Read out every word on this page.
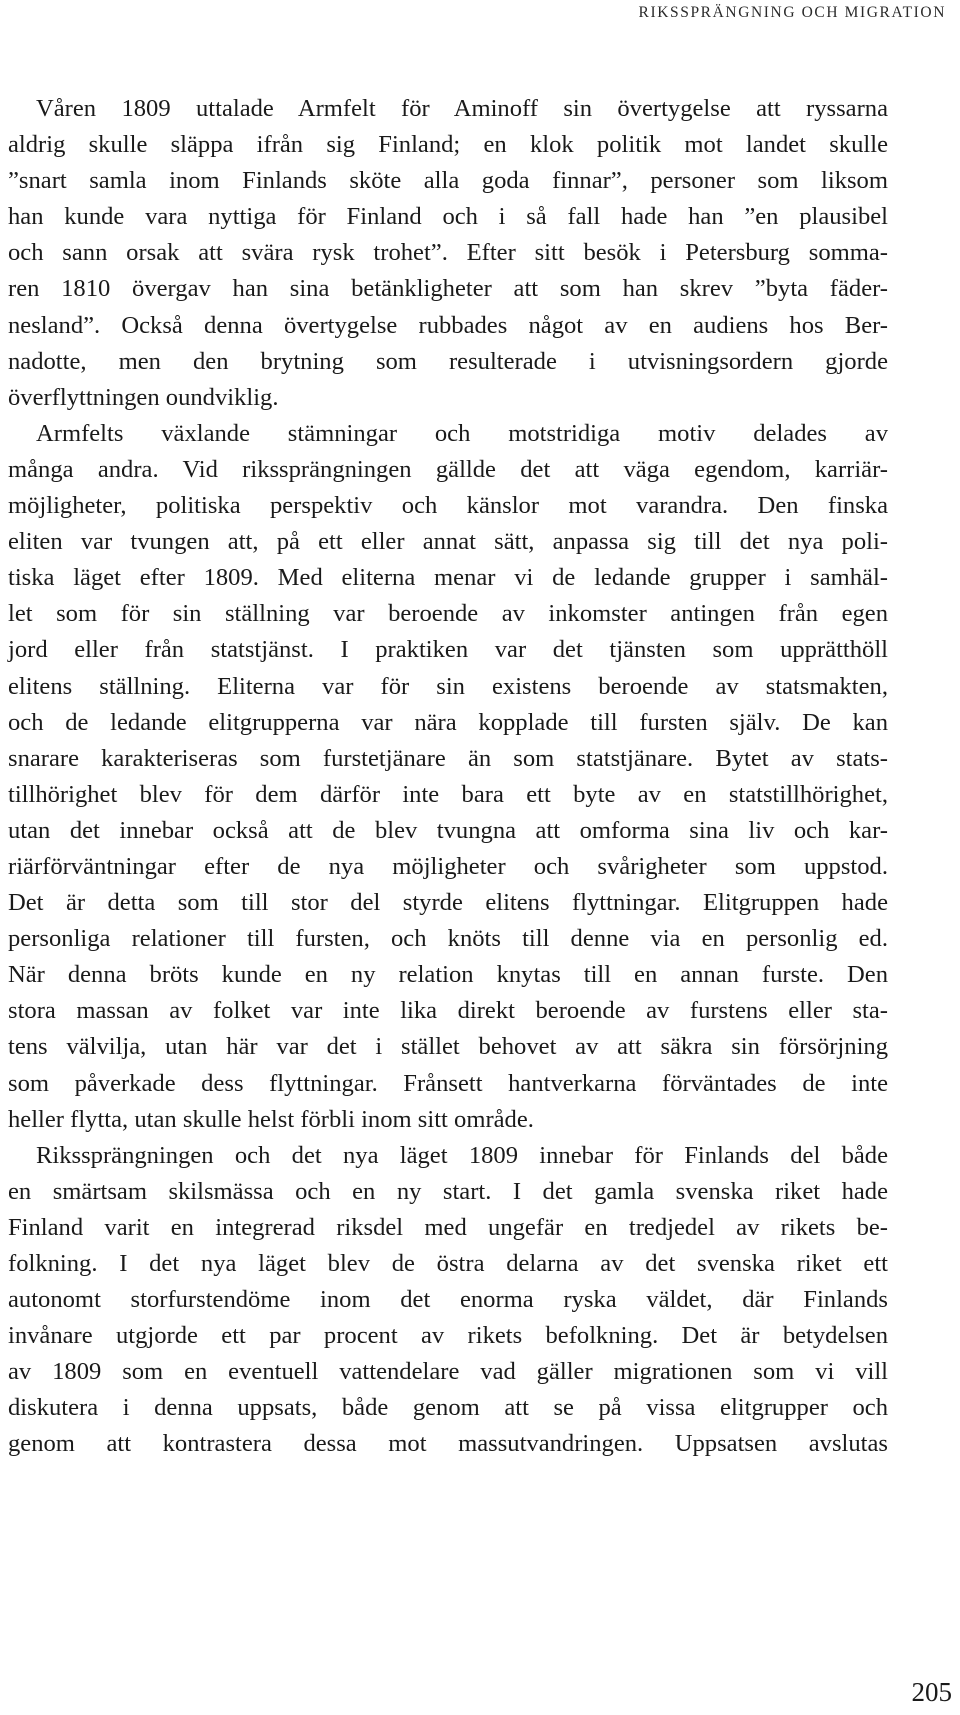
RIKSSPRÄNGNING OCH MIGRATION
Våren 1809 uttalade Armfelt för Aminoff sin övertygelse att ryssarna
aldrig skulle släppa ifrån sig Finland; en klok politik mot landet skulle
”snart samla inom Finlands sköte alla goda finnar”, personer som liksom
han kunde vara nyttiga för Finland och i så fall hade han ”en plausibel
och sann orsak att svära rysk trohet”. Efter sitt besök i Petersburg somma-
ren 1810 övergav han sina betänkligheter att som han skrev ”byta fäder-
nesland”. Också denna övertygelse rubbades något av en audiens hos Ber-
nadotte, men den brytning som resulterade i utvisningsordern gjorde
överflyttningen oundviklig.
Armfelts växlande stämningar och motstridiga motiv delades av
många andra. Vid rikssprängningen gällde det att väga egendom, karriär-
möjligheter, politiska perspektiv och känslor mot varandra. Den finska
eliten var tvungen att, på ett eller annat sätt, anpassa sig till det nya poli-
tiska läget efter 1809. Med eliterna menar vi de ledande grupper i samhäl-
let som för sin ställning var beroende av inkomster antingen från egen
jord eller från statstjänst. I praktiken var det tjänsten som upprätthöll
elitens ställning. Eliterna var för sin existens beroende av statsmakten,
och de ledande elitgrupperna var nära kopplade till fursten själv. De kan
snarare karakteriseras som furstetjänare än som statstjänare. Bytet av stats-
tillhörighet blev för dem därför inte bara ett byte av en statstillhörighet,
utan det innebar också att de blev tvungna att omforma sina liv och kar-
riärförväntningar efter de nya möjligheter och svårigheter som uppstod.
Det är detta som till stor del styrde elitens flyttningar. Elitgruppen hade
personliga relationer till fursten, och knöts till denne via en personlig ed.
När denna bröts kunde en ny relation knytas till en annan furste. Den
stora massan av folket var inte lika direkt beroende av furstens eller sta-
tens välvilja, utan här var det i stället behovet av att säkra sin försörjning
som påverkade dess flyttningar. Frånsett hantverkarna förväntades de inte
heller flytta, utan skulle helst förbli inom sitt område.
Rikssprängningen och det nya läget 1809 innebar för Finlands del både
en smärtsam skilsmässa och en ny start. I det gamla svenska riket hade
Finland varit en integrerad riksdel med ungefär en tredjedel av rikets be-
folkning. I det nya läget blev de östra delarna av det svenska riket ett
autonomt storfurstendöme inom det enorma ryska väldet, där Finlands
invånare utgjorde ett par procent av rikets befolkning. Det är betydelsen
av 1809 som en eventuell vattendelare vad gäller migrationen som vi vill
diskutera i denna uppsats, både genom att se på vissa elitgrupper och
genom att kontrastera dessa mot massutvandringen. Uppsatsen avslutas
205
